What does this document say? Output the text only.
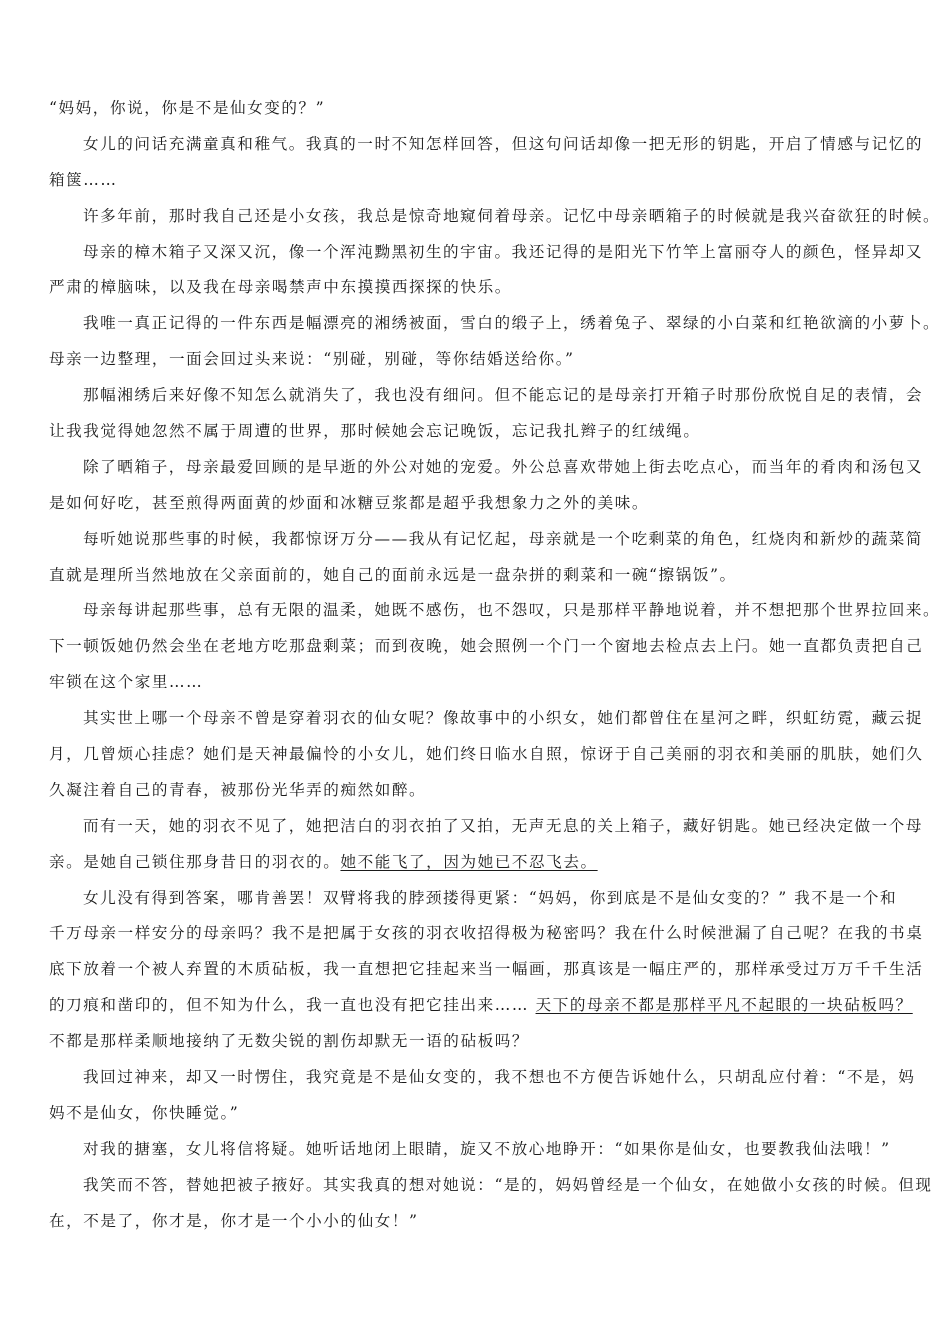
“妈妈，你说，你是不是仙女变的？”
女儿的问话充满童真和稚气。我真的一时不知怎样回答，但这句问话却像一把无形的钥匙，开启了情感与记忆的
箱箧……
许多年前，那时我自己还是小女孩，我总是惊奇地窥伺着母亲。记忆中母亲晒箱子的时候就是我兴奋欲狂的时候。
母亲的樟木箱子又深又沉，像一个浑沌黝黑初生的宇宙。我还记得的是阳光下竹竿上富丽夺人的颜色，怪异却又
严肃的樟脑味，以及我在母亲喝禁声中东摸摸西探探的快乐。
我唯一真正记得的一件东西是幅漂亮的湘绣被面，雪白的缎子上，绣着兔子、翠绿的小白菜和红艳欲滴的小萝卜。
母亲一边整理，一面会回过头来说：“别碰，别碰，等你结婚送给你。”
那幅湘绣后来好像不知怎么就消失了，我也没有细问。但不能忘记的是母亲打开箱子时那份欣悦自足的表情，会
让我我觉得她忽然不属于周遭的世界，那时候她会忘记晚饭，忘记我扎辫子的红绒绳。
除了晒箱子，母亲最爱回顾的是早逝的外公对她的宠爱。外公总喜欢带她上街去吃点心，而当年的肴肉和汤包又
是如何好吃，甚至煎得两面黄的炒面和冰糖豆浆都是超乎我想象力之外的美味。
每听她说那些事的时候，我都惊讶万分——我从有记忆起，母亲就是一个吃剩菜的角色，红烧肉和新炒的蔬菜简
直就是理所当然地放在父亲面前的，她自己的面前永远是一盘杂拼的剩菜和一碗“擦锅饭”。
母亲每讲起那些事，总有无限的温柔，她既不感伤，也不怨叹，只是那样平静地说着，并不想把那个世界拉回来。
下一顿饭她仍然会坐在老地方吃那盘剩菜；而到夜晚，她会照例一个门一个窗地去检点去上闩。她一直都负责把自己
牢锁在这个家里……
其实世上哪一个母亲不曾是穿着羽衣的仙女呢？像故事中的小织女，她们都曾住在星河之畔，织虹纺霓，藏云捉
月，几曾烦心挂虑？她们是天神最偏怜的小女儿，她们终日临水自照，惊讶于自己美丽的羽衣和美丽的肌肤，她们久
久凝注着自己的青春，被那份光华弄的痴然如醉。
而有一天，她的羽衣不见了，她把洁白的羽衣拍了又拍，无声无息的关上箱子，藏好钥匙。她已经决定做一个母
亲。是她自己锁住那身昔日的羽衣的。她不能飞了，因为她已不忍飞去。
女儿没有得到答案，哪肯善罢！双臂将我的脖颈搂得更紧：“妈妈，你到底是不是仙女变的？” 我不是一个和
千万母亲一样安分的母亲吗？我不是把属于女孩的羽衣收招得极为秘密吗？我在什么时候泄漏了自己呢？在我的书桌
底下放着一个被人弃置的木质砧板，我一直想把它挂起来当一幅画，那真该是一幅庄严的，那样承受过万万千千生活
的刀痕和凿印的，但不知为什么，我一直也没有把它挂出来…… 天下的母亲不都是那样平凡不起眼的一块砧板吗？
不都是那样柔顺地接纳了无数尖锐的割伤却默无一语的砧板吗？
我回过神来，却又一时愣住，我究竟是不是仙女变的，我不想也不方便告诉她什么，只胡乱应付着：“不是，妈
妈不是仙女，你快睡觉。”
对我的搪塞，女儿将信将疑。她听话地闭上眼睛，旋又不放心地睁开：“如果你是仙女，也要教我仙法哦！”
我笑而不答，替她把被子掖好。其实我真的想对她说：“是的，妈妈曾经是一个仙女，在她做小女孩的时候。但现
在，不是了，你才是，你才是一个小小的仙女！”
